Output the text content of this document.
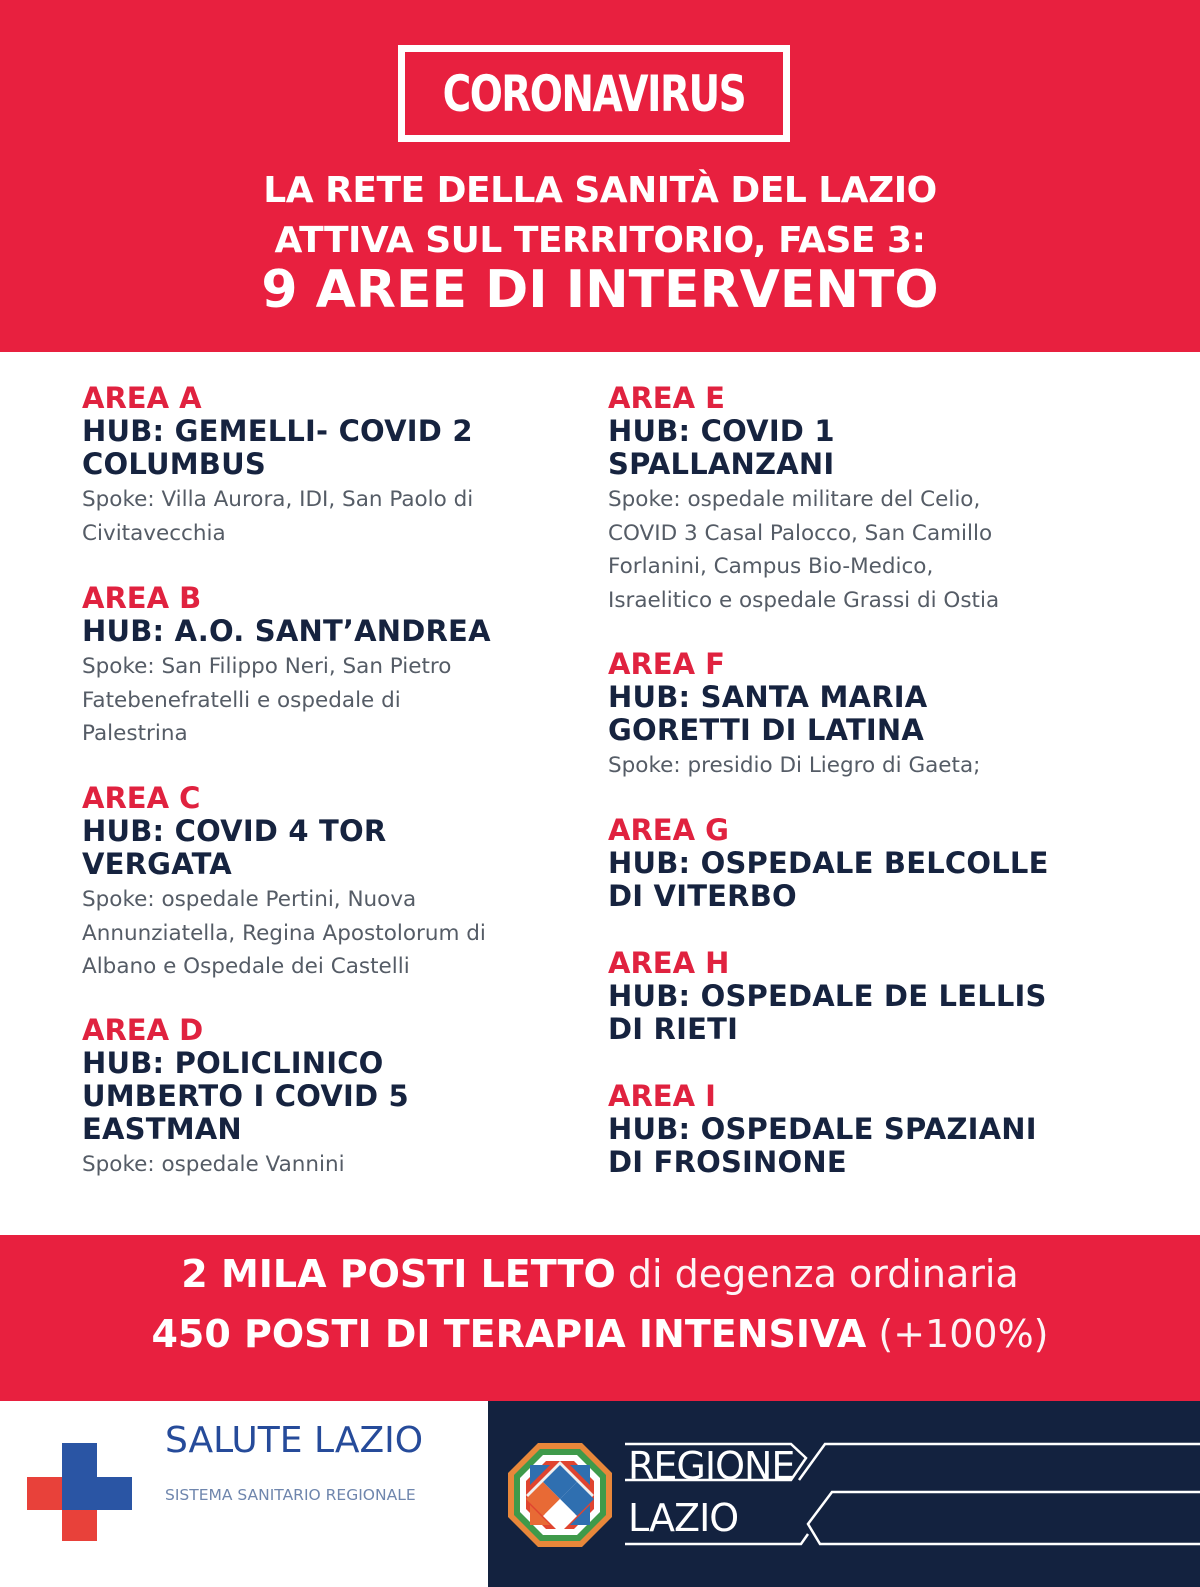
CORONAVIRUS
LA RETE DELLA SANITÀ DEL LAZIO
ATTIVA SUL TERRITORIO, FASE 3:
9 AREE DI INTERVENTO
AREA A
HUB: GEMELLI- COVID 2
COLUMBUS
Spoke: Villa Aurora, IDI, San Paolo di
Civitavecchia
AREA B
HUB: A.O. SANT’ANDREA
Spoke: San Filippo Neri, San Pietro
Fatebenefratelli e ospedale di
Palestrina
AREA C
HUB: COVID 4 TOR
VERGATA
Spoke: ospedale Pertini, Nuova
Annunziatella, Regina Apostolorum di
Albano e Ospedale dei Castelli
AREA D
HUB: POLICLINICO
UMBERTO I COVID 5
EASTMAN
Spoke: ospedale Vannini
AREA E
HUB: COVID 1
SPALLANZANI
Spoke: ospedale militare del Celio,
COVID 3 Casal Palocco, San Camillo
Forlanini, Campus Bio-Medico,
Israelitico e ospedale Grassi di Ostia
AREA F
HUB: SANTA MARIA
GORETTI DI LATINA
Spoke: presidio Di Liegro di Gaeta;
AREA G
HUB: OSPEDALE BELCOLLE
DI VITERBO
AREA H
HUB: OSPEDALE DE LELLIS
DI RIETI
AREA I
HUB: OSPEDALE SPAZIANI
DI FROSINONE
2 MILA POSTI LETTO di degenza ordinaria
450 POSTI DI TERAPIA INTENSIVA (+100%)
SALUTE LAZIO
SISTEMA SANITARIO REGIONALE
REGIONE
LAZIO
